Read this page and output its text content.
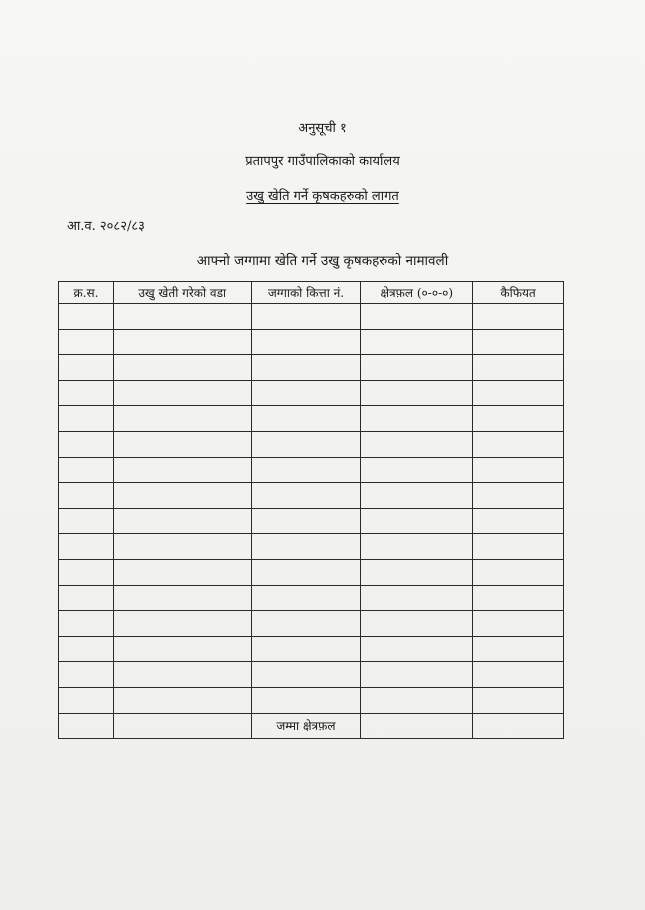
अनुसूची १
प्रतापपुर गाउँपालिकाको कार्यालय
उखु खेति गर्ने कृषकहरुको लागत
आ.व. २०८२/८३
आफ्नो जग्गामा खेति गर्ने उखु कृषकहरुको नामावली
क्र.स.	उखु खेती गरेको वडा	जग्गाको कित्ता नं.	क्षेत्रफ़ल (०-०-०)	कैफियत

		जम्मा क्षेत्रफ़ल		
